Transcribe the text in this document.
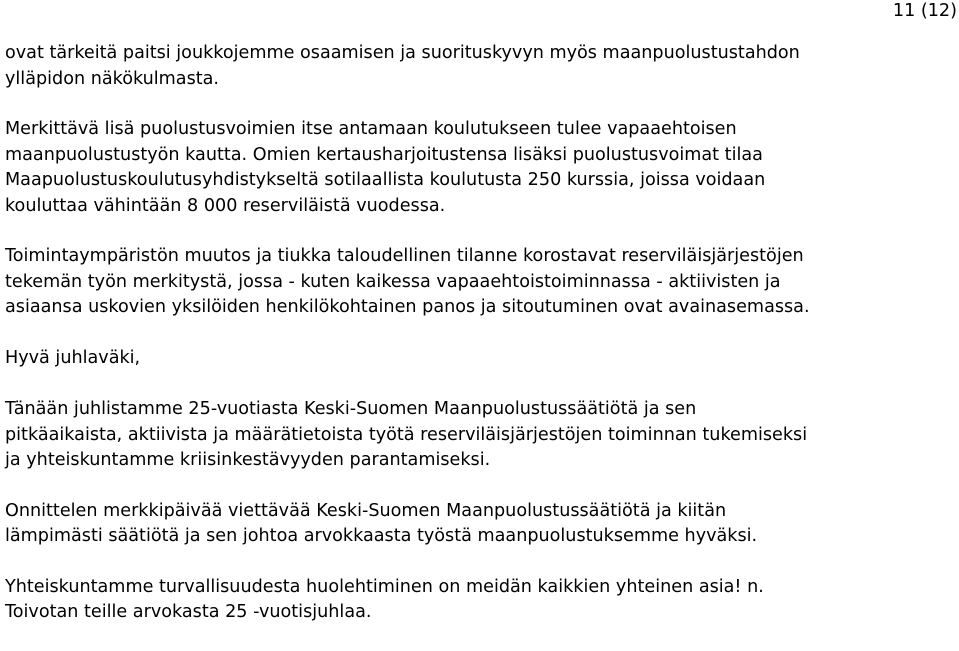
11 (12)

ovat tärkeitä paitsi joukkojemme osaamisen ja suorituskyvyn myös maanpuolustustahdon
ylläpidon näkökulmasta.

Merkittävä lisä puolustusvoimien itse antamaan koulutukseen tulee vapaaehtoisen
maanpuolustustyön kautta. Omien kertausharjoitustensa lisäksi puolustusvoimat tilaa
Maapuolustuskoulutusyhdistykseltä sotilaallista koulutusta 250 kurssia, joissa voidaan
kouluttaa vähintään 8 000 reserviläistä vuodessa.

Toimintaympäristön muutos ja tiukka taloudellinen tilanne korostavat reserviläisjärjestöjen
tekemän työn merkitystä, jossa - kuten kaikessa vapaaehtoistoiminnassa - aktiivisten ja
asiaansa uskovien yksilöiden henkilökohtainen panos ja sitoutuminen ovat avainasemassa.

Hyvä juhlaväki,

Tänään juhlistamme 25-vuotiasta Keski-Suomen Maanpuolustussäätiötä ja sen
pitkäaikaista, aktiivista ja määrätietoista työtä reserviläisjärjestöjen toiminnan tukemiseksi
ja yhteiskuntamme kriisinkestävyyden parantamiseksi.

Onnittelen merkkipäivää viettävää Keski-Suomen Maanpuolustussäätiötä ja kiitän
lämpimästi säätiötä ja sen johtoa arvokkaasta työstä maanpuolustuksemme hyväksi.

Yhteiskuntamme turvallisuudesta huolehtiminen on meidän kaikkien yhteinen asia! n.
Toivotan teille arvokasta 25 -vuotisjuhlaa.
